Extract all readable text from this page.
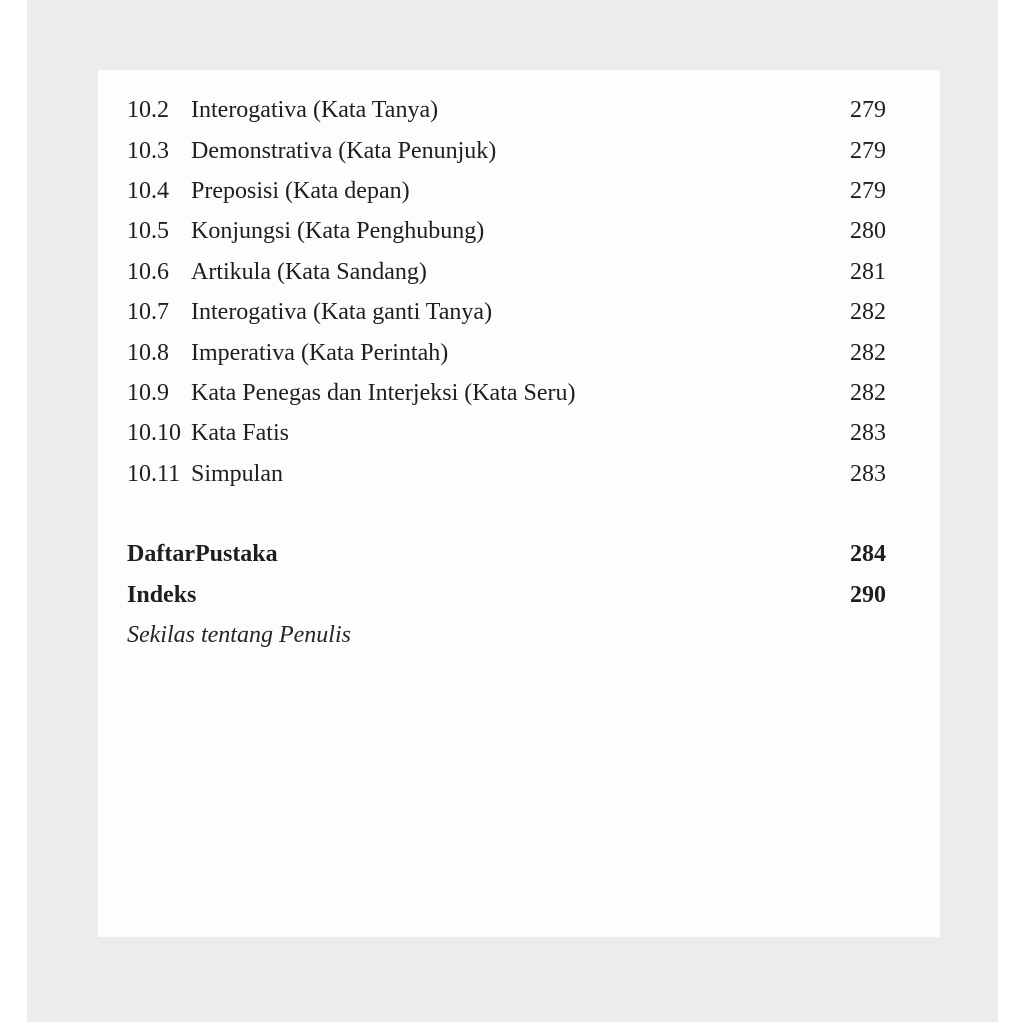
10.2 Interogativa (Kata Tanya)	279
10.3 Demonstrativa (Kata Penunjuk)	279
10.4 Preposisi (Kata depan)	279
10.5 Konjungsi (Kata Penghubung)	280
10.6 Artikula (Kata Sandang)	281
10.7 Interogativa (Kata ganti Tanya)	282
10.8 Imperativa (Kata Perintah)	282
10.9 Kata Penegas dan Interjeksi (Kata Seru)	282
10.10 Kata Fatis	283
10.11 Simpulan	283
DaftarPustaka	284
Indeks	290
Sekilas tentang Penulis
